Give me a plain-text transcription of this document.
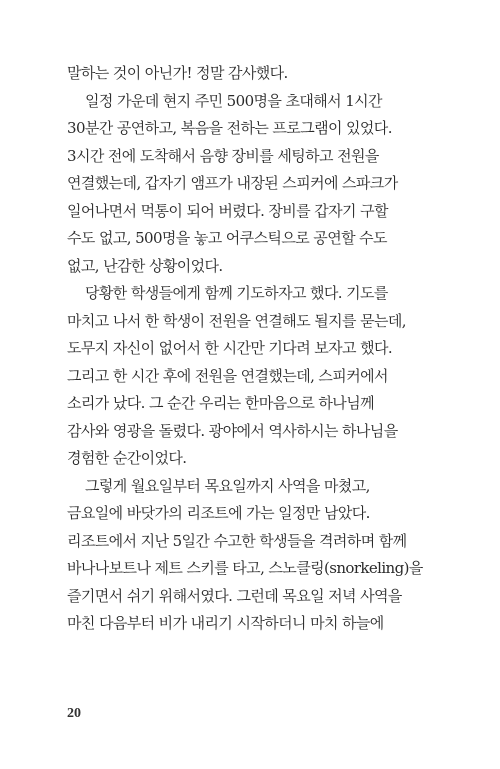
말하는 것이 아닌가! 정말 감사했다.
일정 가운데 현지 주민 500명을 초대해서 1시간
30분간 공연하고, 복음을 전하는 프로그램이 있었다.
3시간 전에 도착해서 음향 장비를 세팅하고 전원을
연결했는데, 갑자기 앰프가 내장된 스피커에 스파크가
일어나면서 먹통이 되어 버렸다. 장비를 갑자기 구할
수도 없고, 500명을 놓고 어쿠스틱으로 공연할 수도
없고, 난감한 상황이었다.
당황한 학생들에게 함께 기도하자고 했다. 기도를
마치고 나서 한 학생이 전원을 연결해도 될지를 묻는데,
도무지 자신이 없어서 한 시간만 기다려 보자고 했다.
그리고 한 시간 후에 전원을 연결했는데, 스피커에서
소리가 났다. 그 순간 우리는 한마음으로 하나님께
감사와 영광을 돌렸다. 광야에서 역사하시는 하나님을
경험한 순간이었다.
그렇게 월요일부터 목요일까지 사역을 마쳤고,
금요일에 바닷가의 리조트에 가는 일정만 남았다.
리조트에서 지난 5일간 수고한 학생들을 격려하며 함께
바나나보트나 제트 스키를 타고, 스노클링(snorkeling)을
즐기면서 쉬기 위해서였다. 그런데 목요일 저녁 사역을
마친 다음부터 비가 내리기 시작하더니 마치 하늘에
20
